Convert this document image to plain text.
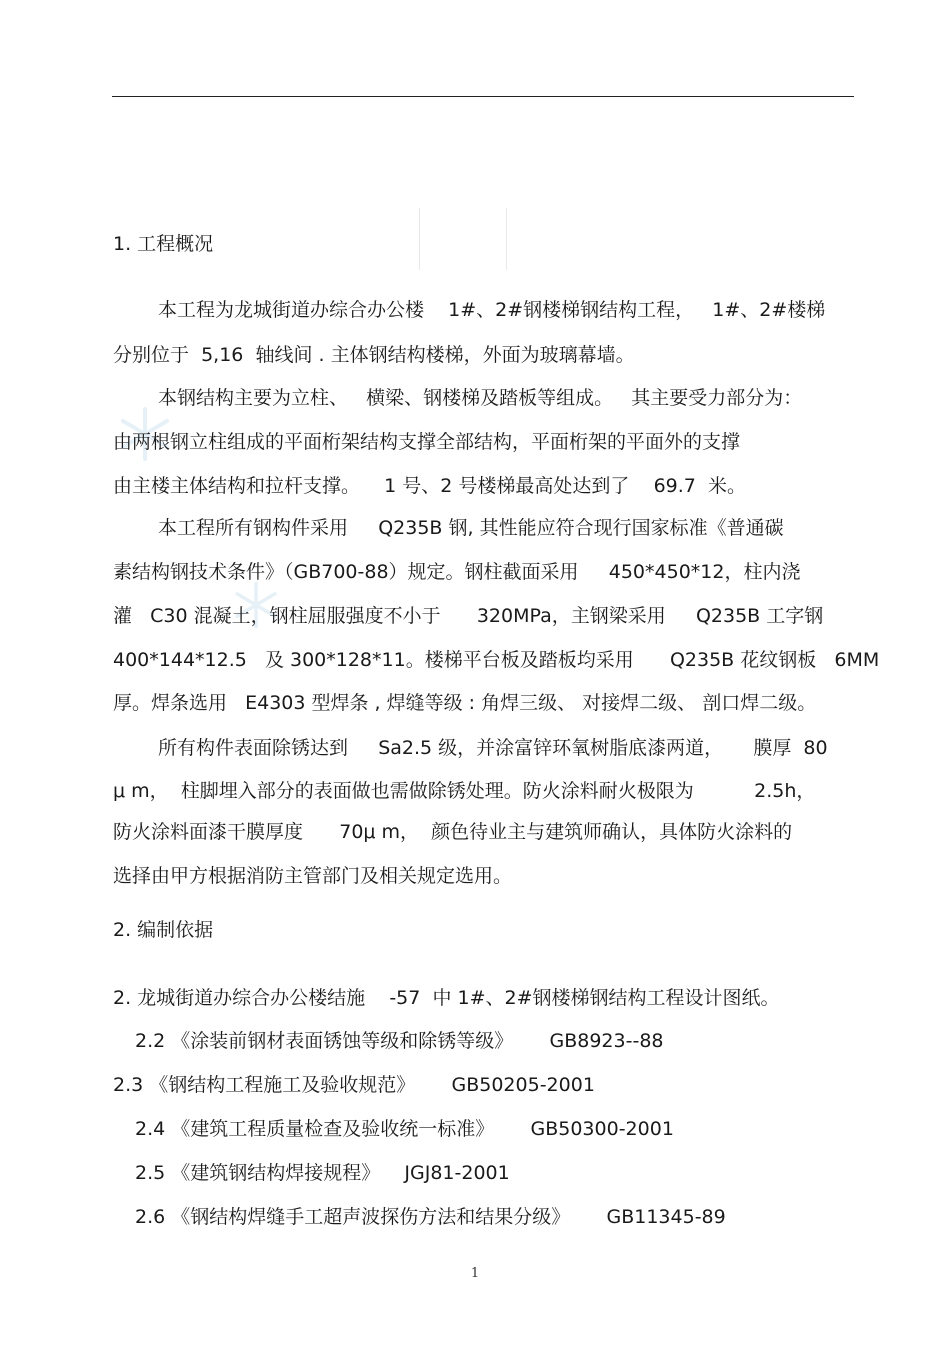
1. 工程概况
本工程为龙城街道办综合办公楼    1#、2#钢楼梯钢结构工程，   1#、2#楼梯
分别位于  5,16  轴线间 . 主体钢结构楼梯，外面为玻璃幕墙。
本钢结构主要为立柱、   横梁、钢楼梯及踏板等组成。   其主要受力部分为：
由两根钢立柱组成的平面桁架结构支撑全部结构，平面桁架的平面外的支撑
由主楼主体结构和拉杆支撑。    1 号、2 号楼梯最高处达到了    69.7  米。
本工程所有钢构件采用     Q235B 钢, 其性能应符合现行国家标准《普通碳
素结构钢技术条件》（GB700-88）规定。钢柱截面采用     450*450*12，柱内浇
灌   C30 混凝土，钢柱屈服强度不小于      320MPa，主钢梁采用     Q235B 工字钢
400*144*12.5   及 300*128*11。楼梯平台板及踏板均采用      Q235B 花纹钢板   6MM
厚。焊条选用   E4303 型焊条 , 焊缝等级 : 角焊三级、 对接焊二级、 剖口焊二级。
所有构件表面除锈达到     Sa2.5 级，并涂富锌环氧树脂底漆两道，     膜厚  80
μ m，  柱脚埋入部分的表面做也需做除锈处理。防火涂料耐火极限为          2.5h，
防火涂料面漆干膜厚度      70μ m，  颜色待业主与建筑师确认，具体防火涂料的
选择由甲方根据消防主管部门及相关规定选用。
2. 编制依据
2. 龙城街道办综合办公楼结施    -57  中 1#、2#钢楼梯钢结构工程设计图纸。
2.2 《涂装前钢材表面锈蚀等级和除锈等级》      GB8923--88
2.3 《钢结构工程施工及验收规范》      GB50205-2001
2.4 《建筑工程质量检查及验收统一标准》      GB50300-2001
2.5 《建筑钢结构焊接规程》    JGJ81-2001
2.6 《钢结构焊缝手工超声波探伤方法和结果分级》      GB11345-89
1
